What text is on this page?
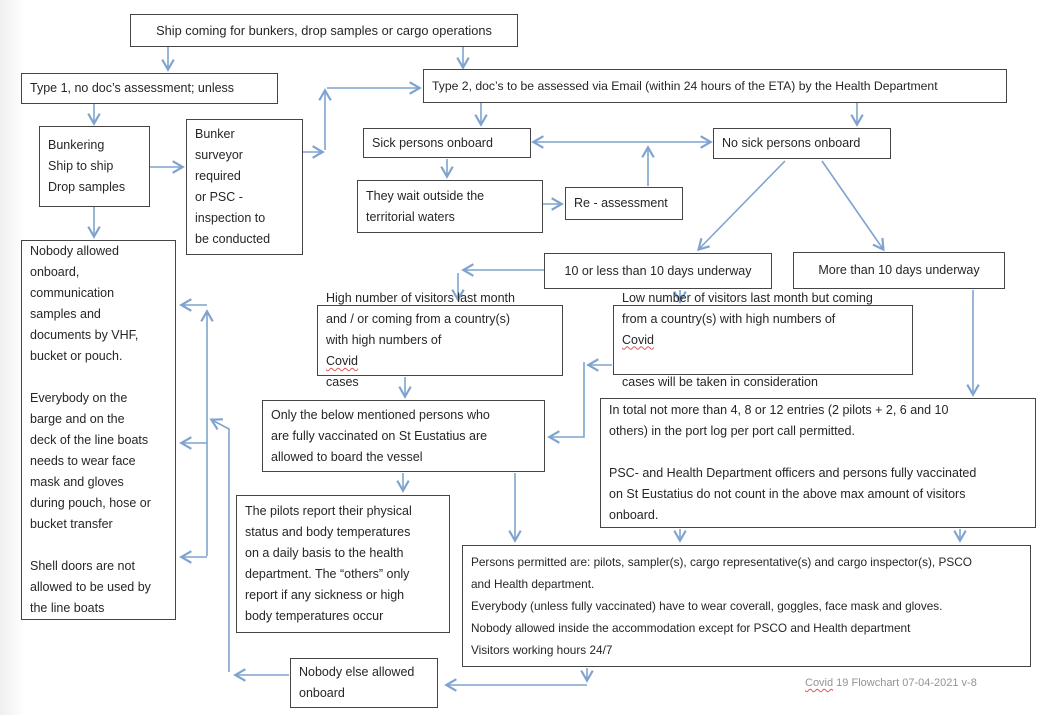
Ship coming for bunkers, drop samples or cargo operations
Type 1, no doc’s assessment; unless	Type 2, doc’s to be assessed via Email (within 24 hours of the ETA) by the Health Department
Bunkering
Ship to ship
Drop samples
Bunker
surveyor
required
or PSC -
inspection to
be conducted
Sick persons onboard	No sick persons onboard
They wait outside the
territorial waters
Re - assessment
10 or less than 10 days underway	More than 10 days underway
High number of visitors last month
and / or coming from a country(s)
with high numbers of
Covid
cases
Low number of visitors last month but coming
from a country(s) with high numbers of
Covid

cases will be taken in consideration
Only the below mentioned persons who
are fully vaccinated on St Eustatius are
allowed to board the vessel
In total not more than 4, 8 or 12 entries (2 pilots + 2, 6 and 10
others) in the port log per port call permitted.

PSC- and Health Department officers and persons fully vaccinated
on St Eustatius do not count in the above max amount of visitors
onboard.
Nobody allowed
onboard,
communication
samples and
documents by VHF,
bucket or pouch.

Everybody on the
barge and on the
deck of the line boats
needs to wear face
mask and gloves
during pouch, hose or
bucket transfer

Shell doors are not
allowed to be used by
the line boats
The pilots report their physical
status and body temperatures
on a daily basis to the health
department. The “others” only
report if any sickness or high
body temperatures occur
Persons permitted are: pilots, sampler(s), cargo representative(s) and cargo inspector(s), PSCO
and Health department.
Everybody (unless fully vaccinated) have to wear coverall, goggles, face mask and gloves.
Nobody allowed inside the accommodation except for PSCO and Health department
Visitors working hours 24/7
Nobody else allowed
onboard
Covid 19 Flowchart 07-04-2021 v-8
